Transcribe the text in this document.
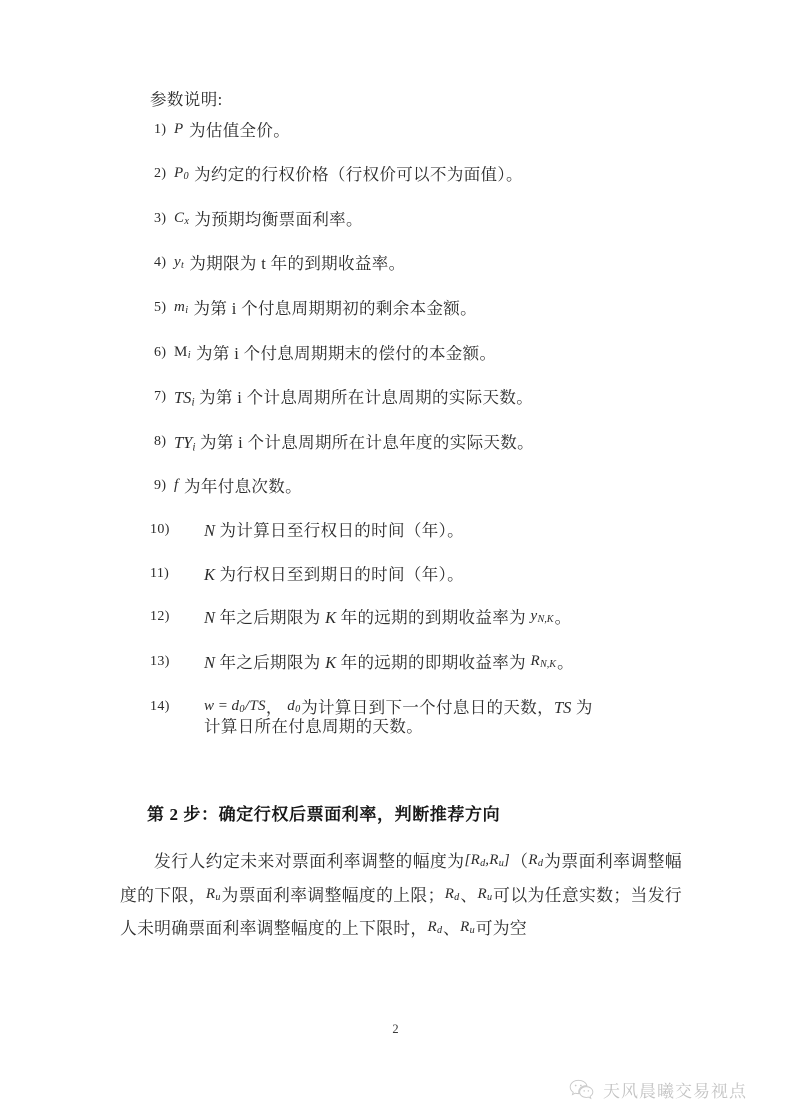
参数说明:

1) P 为估值全价。
2) $P_0$ 为约定的行权价格（行权价可以不为面值）。
3) $C_x$ 为预期均衡票面利率。
4) $y_t$ 为期限为 t 年的到期收益率。
5) $m_i$ 为第 i 个付息周期期初的剩余本金额。
6) $M_i$ 为第 i 个付息周期期末的偿付的本金额。
7) $TS_i$ 为第 i 个计息周期所在计息周期的实际天数。
8) $TY_i$ 为第 i 个计息周期所在计息年度的实际天数。
9) f 为年付息次数。
10) N 为计算日至行权日的时间（年）。
11) K 为行权日至到期日的时间（年）。
12) N 年之后期限为 K 年的远期的到期收益率为 $y_{N,K}$。
13) N 年之后期限为 K 年的远期的即期收益率为 $R_{N,K}$。
14) $w = d_0/TS$， $d_0$为计算日到下一个付息日的天数，TS 为
计算日所在付息周期的天数。
第 2 步：确定行权后票面利率，判断推荐方向

发行人约定未来对票面利率调整的幅度为$[R_d,R_u](R_d$为票面利率调整幅度的下限，$R_u$为票面利率调整幅度的上限；$R_d$、$R_u$可以为任意实数；当发行人未明确票面利率调整幅度的上下限时，$R_d$、$R_u$可为空

2
天风晨曦交易视点
